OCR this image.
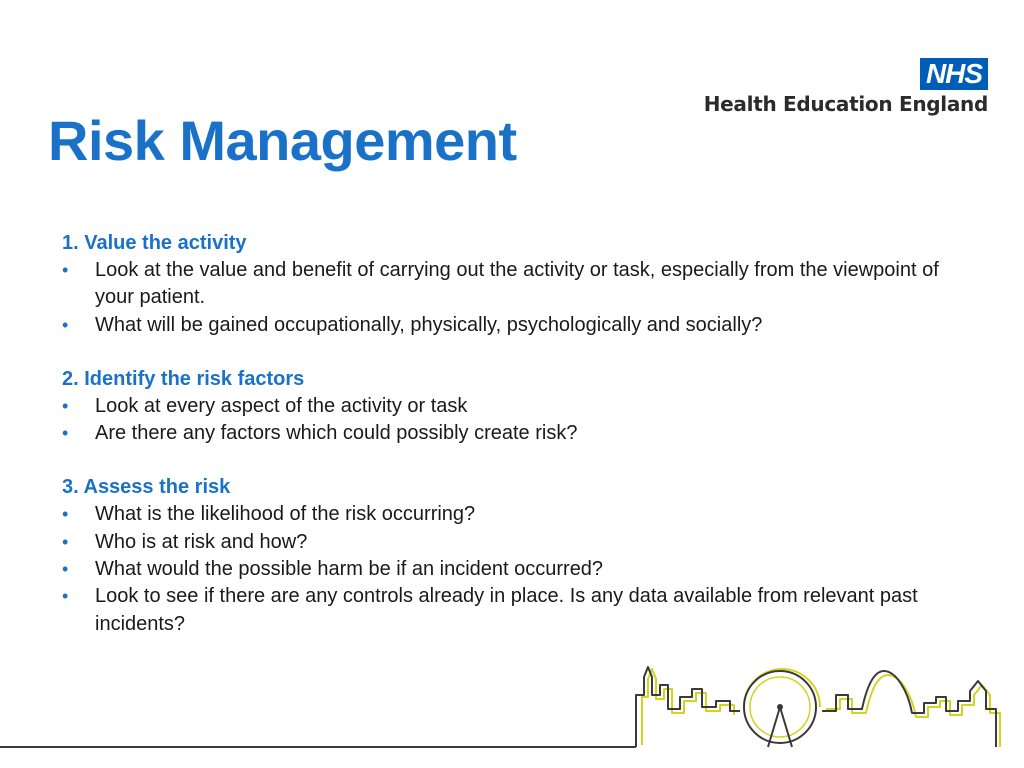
Risk Management
NHS
Health Education England
1. Value the activity
• Look at the value and benefit of carrying out the activity or task, especially from the viewpoint of your patient.
• What will be gained occupationally, physically, psychologically and socially?
2. Identify the risk factors
• Look at every aspect of the activity or task
• Are there any factors which could possibly create risk?
3. Assess the risk
• What is the likelihood of the risk occurring?
• Who is at risk and how?
• What would the possible harm be if an incident occurred?
• Look to see if there are any controls already in place. Is any data available from relevant past incidents?
